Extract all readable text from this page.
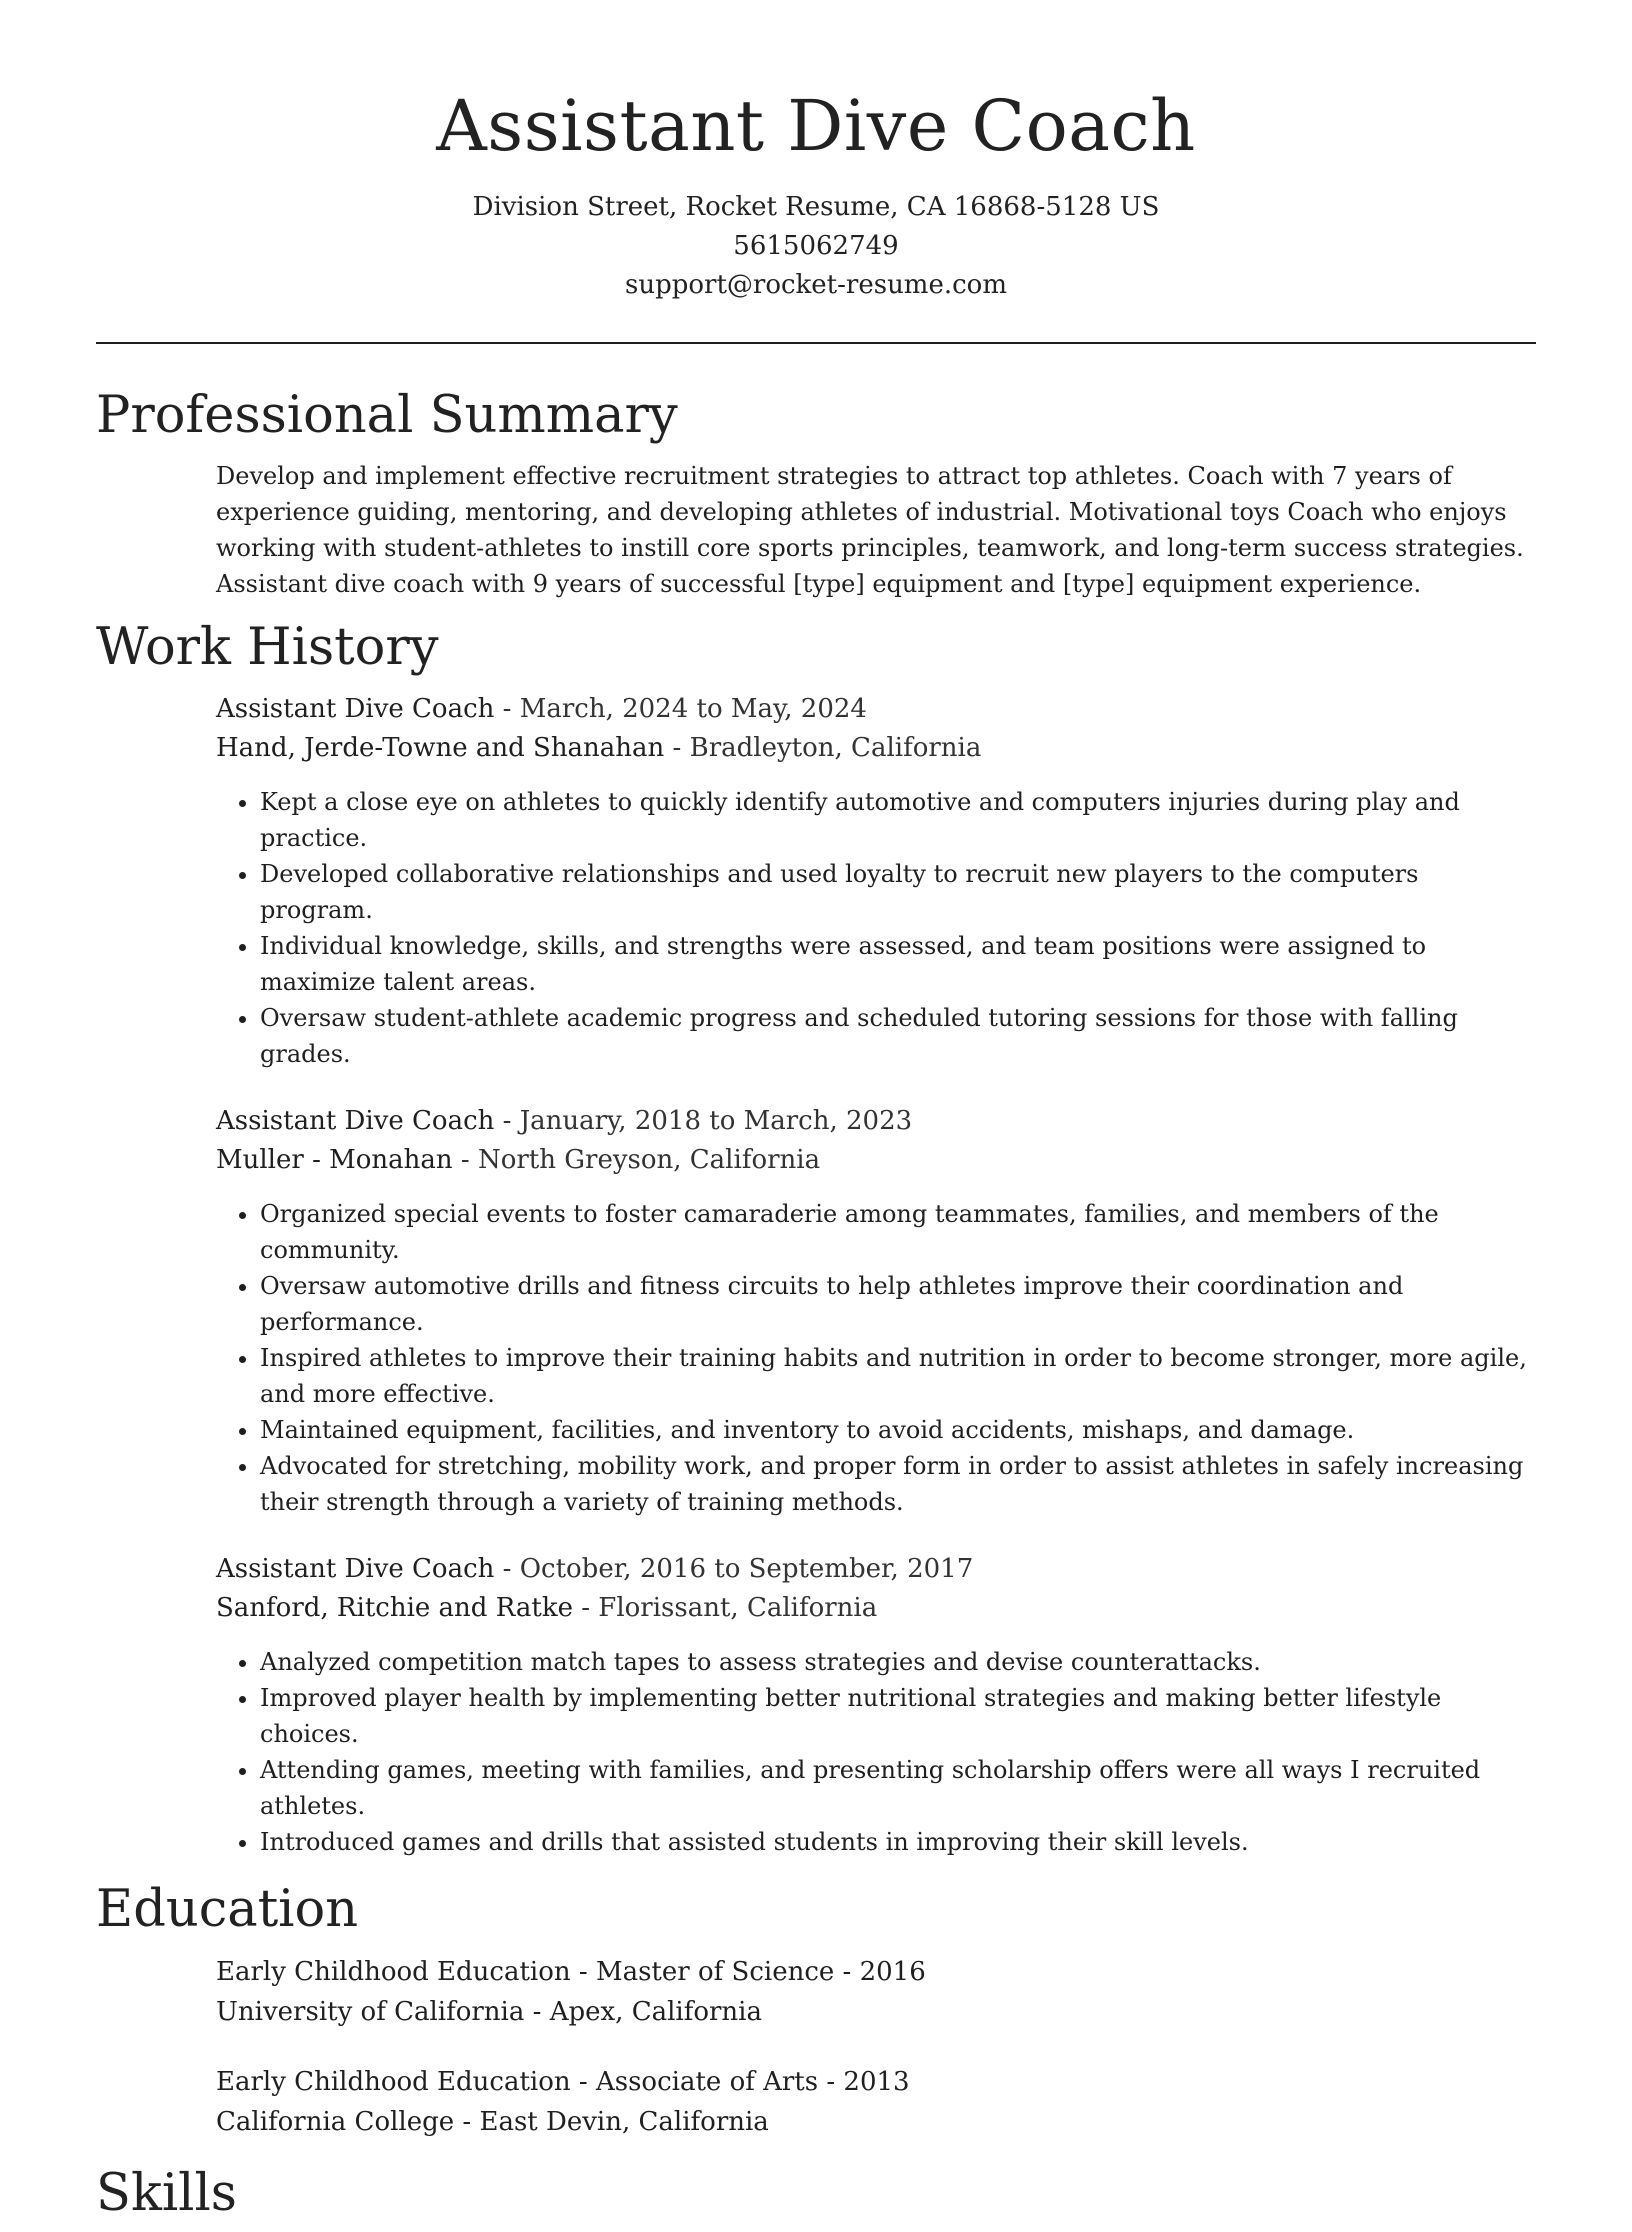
Assistant Dive Coach
Division Street, Rocket Resume, CA 16868-5128 US
5615062749
support@rocket-resume.com
Professional Summary

Develop and implement effective recruitment strategies to attract top athletes. Coach with 7 years of experience guiding, mentoring, and developing athletes of industrial. Motivational toys Coach who enjoys working with student-athletes to instill core sports principles, teamwork, and long-term success strategies. Assistant dive coach with 9 years of successful [type] equipment and [type] equipment experience.

Work History
Assistant Dive Coach - March, 2024 to May, 2024
Hand, Jerde-Towne and Shanahan - Bradleyton, California
• Kept a close eye on athletes to quickly identify automotive and computers injuries during play and practice.
• Developed collaborative relationships and used loyalty to recruit new players to the computers program.
• Individual knowledge, skills, and strengths were assessed, and team positions were assigned to maximize talent areas.
• Oversaw student-athlete academic progress and scheduled tutoring sessions for those with falling grades.
Assistant Dive Coach - January, 2018 to March, 2023
Muller - Monahan - North Greyson, California
• Organized special events to foster camaraderie among teammates, families, and members of the community.
• Oversaw automotive drills and fitness circuits to help athletes improve their coordination and performance.
• Inspired athletes to improve their training habits and nutrition in order to become stronger, more agile, and more effective.
• Maintained equipment, facilities, and inventory to avoid accidents, mishaps, and damage.
• Advocated for stretching, mobility work, and proper form in order to assist athletes in safely increasing their strength through a variety of training methods.
Assistant Dive Coach - October, 2016 to September, 2017
Sanford, Ritchie and Ratke - Florissant, California
• Analyzed competition match tapes to assess strategies and devise counterattacks.
• Improved player health by implementing better nutritional strategies and making better lifestyle choices.
• Attending games, meeting with families, and presenting scholarship offers were all ways I recruited athletes.
• Introduced games and drills that assisted students in improving their skill levels.
Education
Early Childhood Education - Master of Science - 2016
University of California - Apex, California
Early Childhood Education - Associate of Arts - 2013
California College - East Devin, California
Skills
